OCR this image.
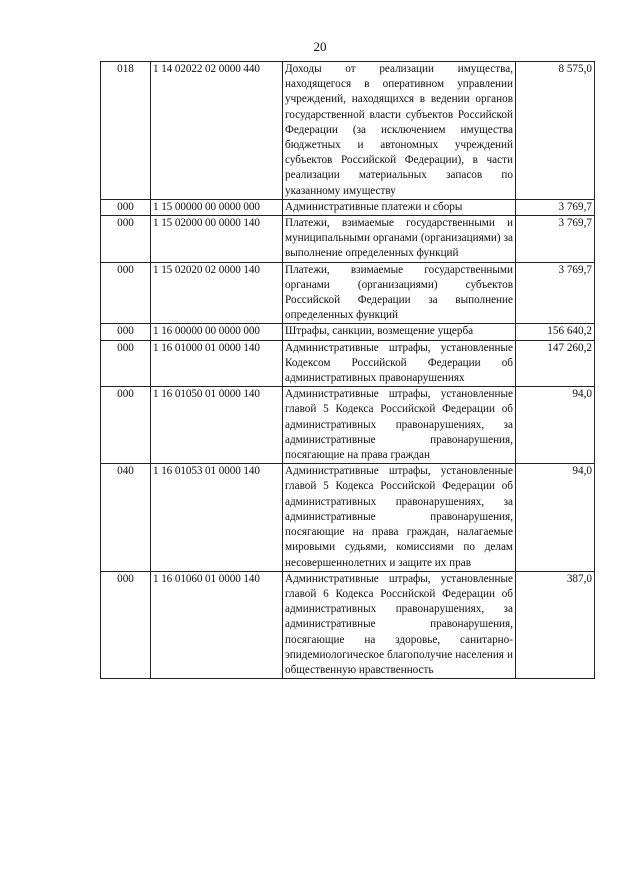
20
018	1 14 02022 02 0000 440	Доходы от реализации имущества, находящегося в оперативном управлении учреждений, находящихся в ведении органов государственной власти субъектов Российской Федерации (за исключением имущества бюджетных и автономных учреждений субъектов Российской Федерации), в части реализации материальных запасов по указанному имуществу	8 575,0
000	1 15 00000 00 0000 000	Административные платежи и сборы	3 769,7
000	1 15 02000 00 0000 140	Платежи, взимаемые государственными и муниципальными органами (организациями) за выполнение определенных функций	3 769,7
000	1 15 02020 02 0000 140	Платежи, взимаемые государственными органами (организациями) субъектов Российской Федерации за выполнение определенных функций	3 769,7
000	1 16 00000 00 0000 000	Штрафы, санкции, возмещение ущерба	156 640,2
000	1 16 01000 01 0000 140	Административные штрафы, установленные Кодексом Российской Федерации об административных правонарушениях	147 260,2
000	1 16 01050 01 0000 140	Административные штрафы, установленные главой 5 Кодекса Российской Федерации об административных правонарушениях, за административные правонарушения, посягающие на права граждан	94,0
040	1 16 01053 01 0000 140	Административные штрафы, установленные главой 5 Кодекса Российской Федерации об административных правонарушениях, за административные правонарушения, посягающие на права граждан, налагаемые мировыми судьями, комиссиями по делам несовершеннолетних и защите их прав	94,0
000	1 16 01060 01 0000 140	Административные штрафы, установленные главой 6 Кодекса Российской Федерации об административных правонарушениях, за административные правонарушения, посягающие на здоровье, санитарно-эпидемиологическое благополучие населения и общественную нравственность	387,0
